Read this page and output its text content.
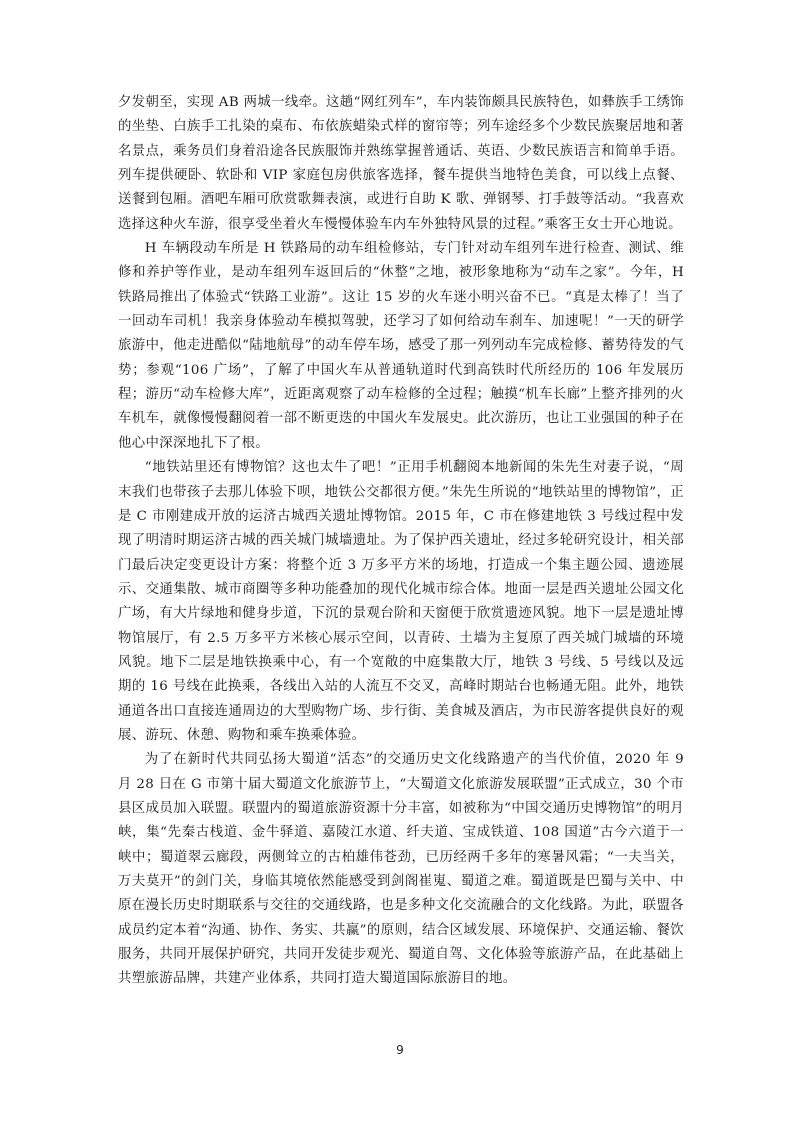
夕发朝至，实现 AB 两城一线牵。这趟“网红列车”，车内装饰颇具民族特色，如彝族手工绣饰的坐垫、白族手工扎染的桌布、布依族蜡染式样的窗帘等；列车途经多个少数民族聚居地和著名景点，乘务员们身着沿途各民族服饰并熟练掌握普通话、英语、少数民族语言和简单手语。列车提供硬卧、软卧和 VIP 家庭包房供旅客选择，餐车提供当地特色美食，可以线上点餐、送餐到包厢。酒吧车厢可欣赏歌舞表演，或进行自助 K 歌、弹钢琴、打手鼓等活动。“我喜欢选择这种火车游，很享受坐着火车慢慢体验车内车外独特风景的过程。”乘客王女士开心地说。

H 车辆段动车所是 H 铁路局的动车组检修站，专门针对动车组列车进行检查、测试、维修和养护等作业，是动车组列车返回后的“休整”之地，被形象地称为“动车之家”。今年，H 铁路局推出了体验式“铁路工业游”。这让 15 岁的火车迷小明兴奋不已。“真是太棒了！当了一回动车司机！我亲身体验动车模拟驾驶，还学习了如何给动车刹车、加速呢！”一天的研学旅游中，他走进酷似“陆地航母”的动车停车场，感受了那一列列动车完成检修、蓄势待发的气势；参观“106 广场”，了解了中国火车从普通轨道时代到高铁时代所经历的 106 年发展历程；游历“动车检修大库”，近距离观察了动车检修的全过程；触摸“机车长廊”上整齐排列的火车机车，就像慢慢翻阅着一部不断更迭的中国火车发展史。此次游历，也让工业强国的种子在他心中深深地扎下了根。

“地铁站里还有博物馆？这也太牛了吧！”正用手机翻阅本地新闻的朱先生对妻子说，“周末我们也带孩子去那儿体验下呗，地铁公交都很方便。”朱先生所说的“地铁站里的博物馆”，正是 C 市刚建成开放的运济古城西关遗址博物馆。2015 年，C 市在修建地铁 3 号线过程中发现了明清时期运济古城的西关城门城墙遗址。为了保护西关遗址，经过多轮研究设计，相关部门最后决定变更设计方案：将整个近 3 万多平方米的场地，打造成一个集主题公园、遗迹展示、交通集散、城市商圈等多种功能叠加的现代化城市综合体。地面一层是西关遗址公园文化广场，有大片绿地和健身步道，下沉的景观台阶和天窗便于欣赏遗迹风貌。地下一层是遗址博物馆展厅，有 2.5 万多平方米核心展示空间，以青砖、土墙为主复原了西关城门城墙的环境风貌。地下二层是地铁换乘中心，有一个宽敞的中庭集散大厅，地铁 3 号线、5 号线以及远期的 16 号线在此换乘，各线出入站的人流互不交叉，高峰时期站台也畅通无阻。此外，地铁通道各出口直接连通周边的大型购物广场、步行街、美食城及酒店，为市民游客提供良好的观展、游玩、休憩、购物和乘车换乘体验。

为了在新时代共同弘扬大蜀道“活态”的交通历史文化线路遗产的当代价值，2020 年 9 月 28 日在 G 市第十届大蜀道文化旅游节上，“大蜀道文化旅游发展联盟”正式成立，30 个市县区成员加入联盟。联盟内的蜀道旅游资源十分丰富，如被称为“中国交通历史博物馆”的明月峡，集“先秦古栈道、金牛驿道、嘉陵江水道、纤夫道、宝成铁道、108 国道”古今六道于一峡中；蜀道翠云廊段，两侧耸立的古柏雄伟苍劲，已历经两千多年的寒暑风霜；“一夫当关，万夫莫开”的剑门关，身临其境依然能感受到剑阁崔嵬、蜀道之难。蜀道既是巴蜀与关中、中原在漫长历史时期联系与交往的交通线路，也是多种文化交流融合的文化线路。为此，联盟各成员约定本着“沟通、协作、务实、共赢”的原则，结合区域发展、环境保护、交通运输、餐饮服务，共同开展保护研究，共同开发徒步观光、蜀道自驾、文化体验等旅游产品，在此基础上共塑旅游品牌，共建产业体系，共同打造大蜀道国际旅游目的地。

9
